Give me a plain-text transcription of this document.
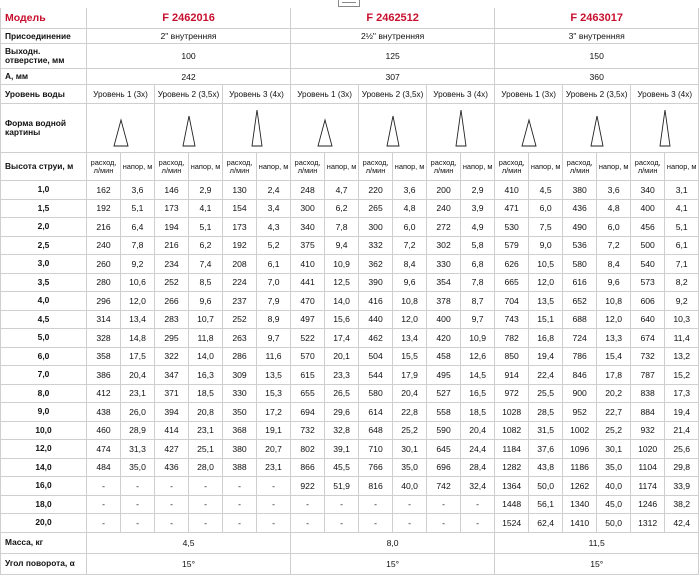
Модель	F 2462016						F 2462512						F 2463017					
Присоединение	2" внутренняя						2½" внутренняя						3" внутренняя					
Выходн. отверстие, мм	100						125						150					
А, мм	242						307						360					
Уровень воды	Уровень 1 (3x)		Уровень 2 (3,5x)		Уровень 3 (4x)		Уровень 1 (3x)		Уровень 2 (3,5x)		Уровень 3 (4x)		Уровень 1 (3x)		Уровень 2 (3,5x)		Уровень 3 (4x)	
Форма водной картины	

Высота струи, м	расход, л/мин	напор, м	расход, л/мин	напор, м	расход, л/мин	напор, м	расход, л/мин	напор, м	расход, л/мин	напор, м	расход, л/мин	напор, м	расход, л/мин	напор, м	расход, л/мин	напор, м	расход, л/мин	напор, м
1,0	162	3,6	146	2,9	130	2,4	248	4,7	220	3,6	200	2,9	410	4,5	380	3,6	340	3,1
1,5	192	5,1	173	4,1	154	3,4	300	6,2	265	4,8	240	3,9	471	6,0	436	4,8	400	4,1
2,0	216	6,4	194	5,1	173	4,3	340	7,8	300	6,0	272	4,9	530	7,5	490	6,0	456	5,1
2,5	240	7,8	216	6,2	192	5,2	375	9,4	332	7,2	302	5,8	579	9,0	536	7,2	500	6,1
3,0	260	9,2	234	7,4	208	6,1	410	10,9	362	8,4	330	6,8	626	10,5	580	8,4	540	7,1
3,5	280	10,6	252	8,5	224	7,0	441	12,5	390	9,6	354	7,8	665	12,0	616	9,6	573	8,2
4,0	296	12,0	266	9,6	237	7,9	470	14,0	416	10,8	378	8,7	704	13,5	652	10,8	606	9,2
4,5	314	13,4	283	10,7	252	8,9	497	15,6	440	12,0	400	9,7	743	15,1	688	12,0	640	10,3
5,0	328	14,8	295	11,8	263	9,7	522	17,4	462	13,4	420	10,9	782	16,8	724	13,3	674	11,4
6,0	358	17,5	322	14,0	286	11,6	570	20,1	504	15,5	458	12,6	850	19,4	786	15,4	732	13,2
7,0	386	20,4	347	16,3	309	13,5	615	23,3	544	17,9	495	14,5	914	22,4	846	17,8	787	15,2
8,0	412	23,1	371	18,5	330	15,3	655	26,5	580	20,4	527	16,5	972	25,5	900	20,2	838	17,3
9,0	438	26,0	394	20,8	350	17,2	694	29,6	614	22,8	558	18,5	1028	28,5	952	22,7	884	19,4
10,0	460	28,9	414	23,1	368	19,1	732	32,8	648	25,2	590	20,4	1082	31,5	1002	25,2	932	21,4
12,0	474	31,3	427	25,1	380	20,7	802	39,1	710	30,1	645	24,4	1184	37,6	1096	30,1	1020	25,6
14,0	484	35,0	436	28,0	388	23,1	866	45,5	766	35,0	696	28,4	1282	43,8	1186	35,0	1104	29,8
16,0	-	-	-	-	-	-	922	51,9	816	40,0	742	32,4	1364	50,0	1262	40,0	1174	33,9
18,0	-	-	-	-	-	-	-	-	-	-	-	-	1448	56,1	1340	45,0	1246	38,2
20,0	-	-	-	-	-	-	-	-	-	-	-	-	1524	62,4	1410	50,0	1312	42,4
Масса, кг	4,5						8,0						11,5					
Угол поворота, α	15°						15°						15°					
